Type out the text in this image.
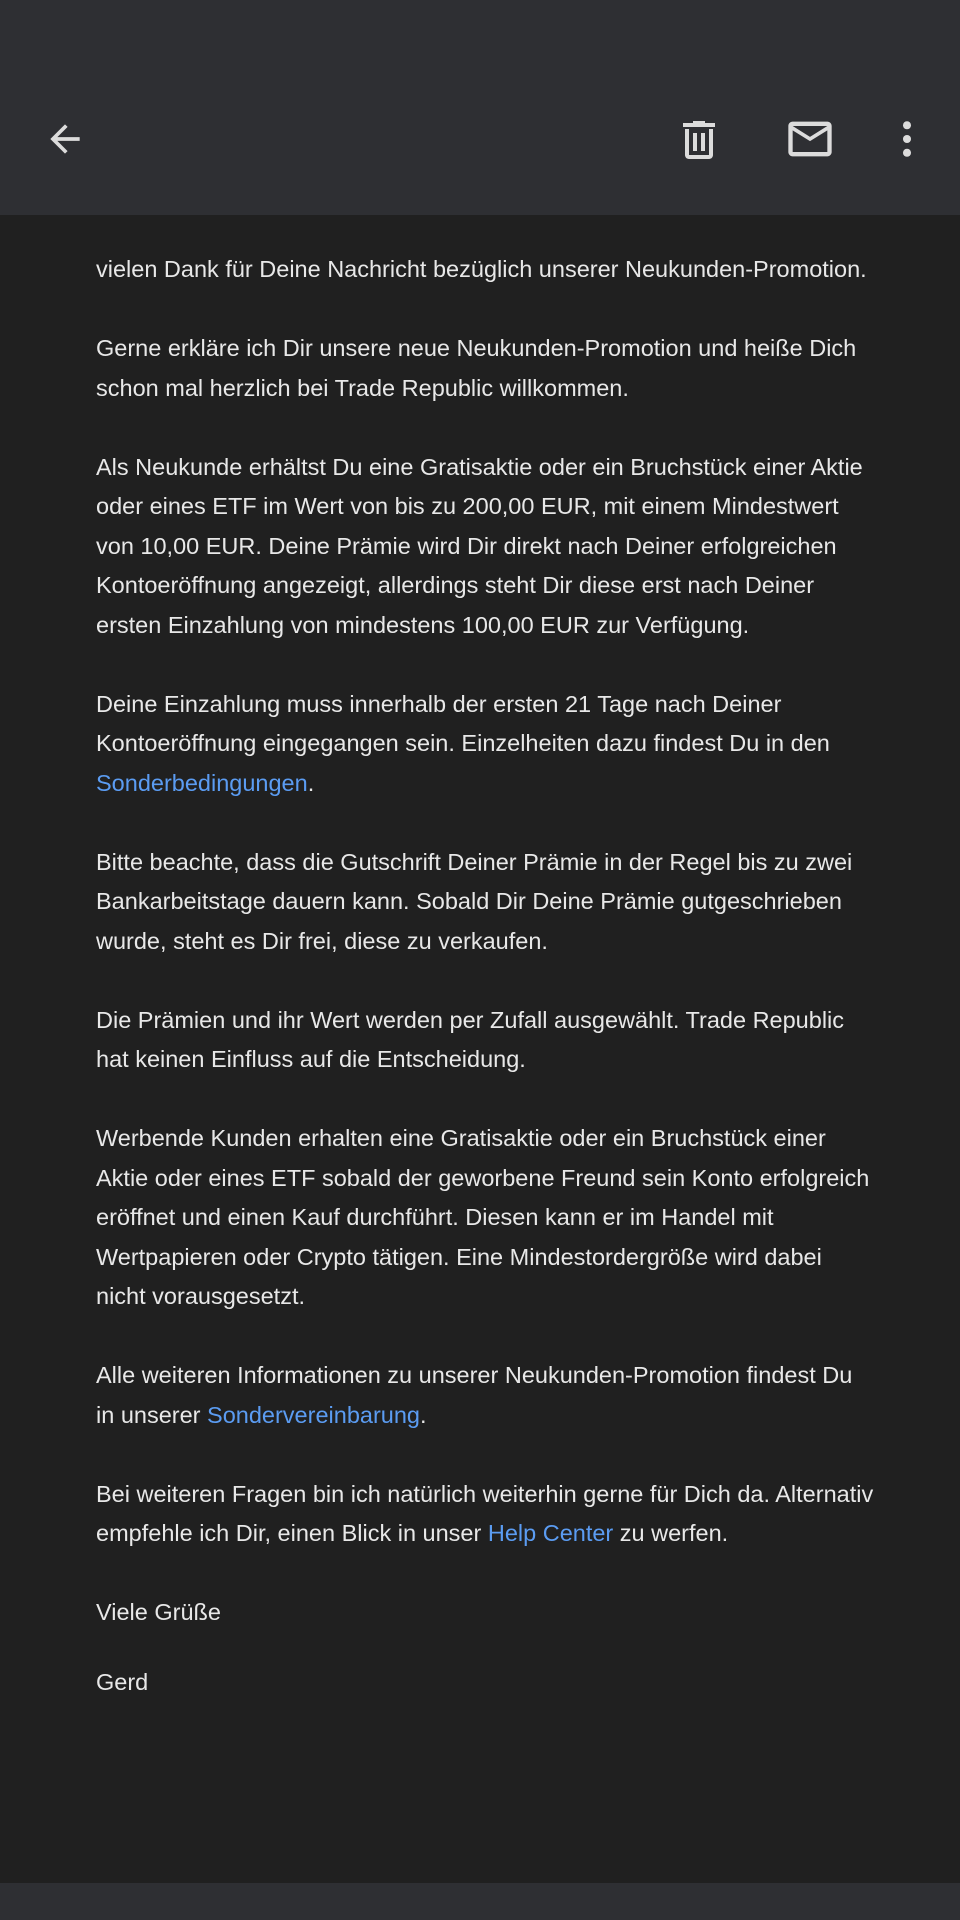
vielen Dank für Deine Nachricht bezüglich unserer Neukunden-Promotion.

Gerne erkläre ich Dir unsere neue Neukunden-Promotion und heiße Dich schon mal herzlich bei Trade Republic willkommen.

Als Neukunde erhältst Du eine Gratisaktie oder ein Bruchstück einer Aktie oder eines ETF im Wert von bis zu 200,00 EUR, mit einem Mindestwert von 10,00 EUR. Deine Prämie wird Dir direkt nach Deiner erfolgreichen Kontoeröffnung angezeigt, allerdings steht Dir diese erst nach Deiner ersten Einzahlung von mindestens 100,00 EUR zur Verfügung.

Deine Einzahlung muss innerhalb der ersten 21 Tage nach Deiner Kontoeröffnung eingegangen sein. Einzelheiten dazu findest Du in den Sonderbedingungen.

Bitte beachte, dass die Gutschrift Deiner Prämie in der Regel bis zu zwei Bankarbeitstage dauern kann. Sobald Dir Deine Prämie gutgeschrieben wurde, steht es Dir frei, diese zu verkaufen.

Die Prämien und ihr Wert werden per Zufall ausgewählt. Trade Republic hat keinen Einfluss auf die Entscheidung.

Werbende Kunden erhalten eine Gratisaktie oder ein Bruchstück einer Aktie oder eines ETF sobald der geworbene Freund sein Konto erfolgreich eröffnet und einen Kauf durchführt. Diesen kann er im Handel mit Wertpapieren oder Crypto tätigen. Eine Mindestordergröße wird dabei nicht vorausgesetzt.

Alle weiteren Informationen zu unserer Neukunden-Promotion findest Du in unserer Sondervereinbarung.

Bei weiteren Fragen bin ich natürlich weiterhin gerne für Dich da. Alternativ empfehle ich Dir, einen Blick in unser Help Center zu werfen.

Viele Grüße

Gerd
